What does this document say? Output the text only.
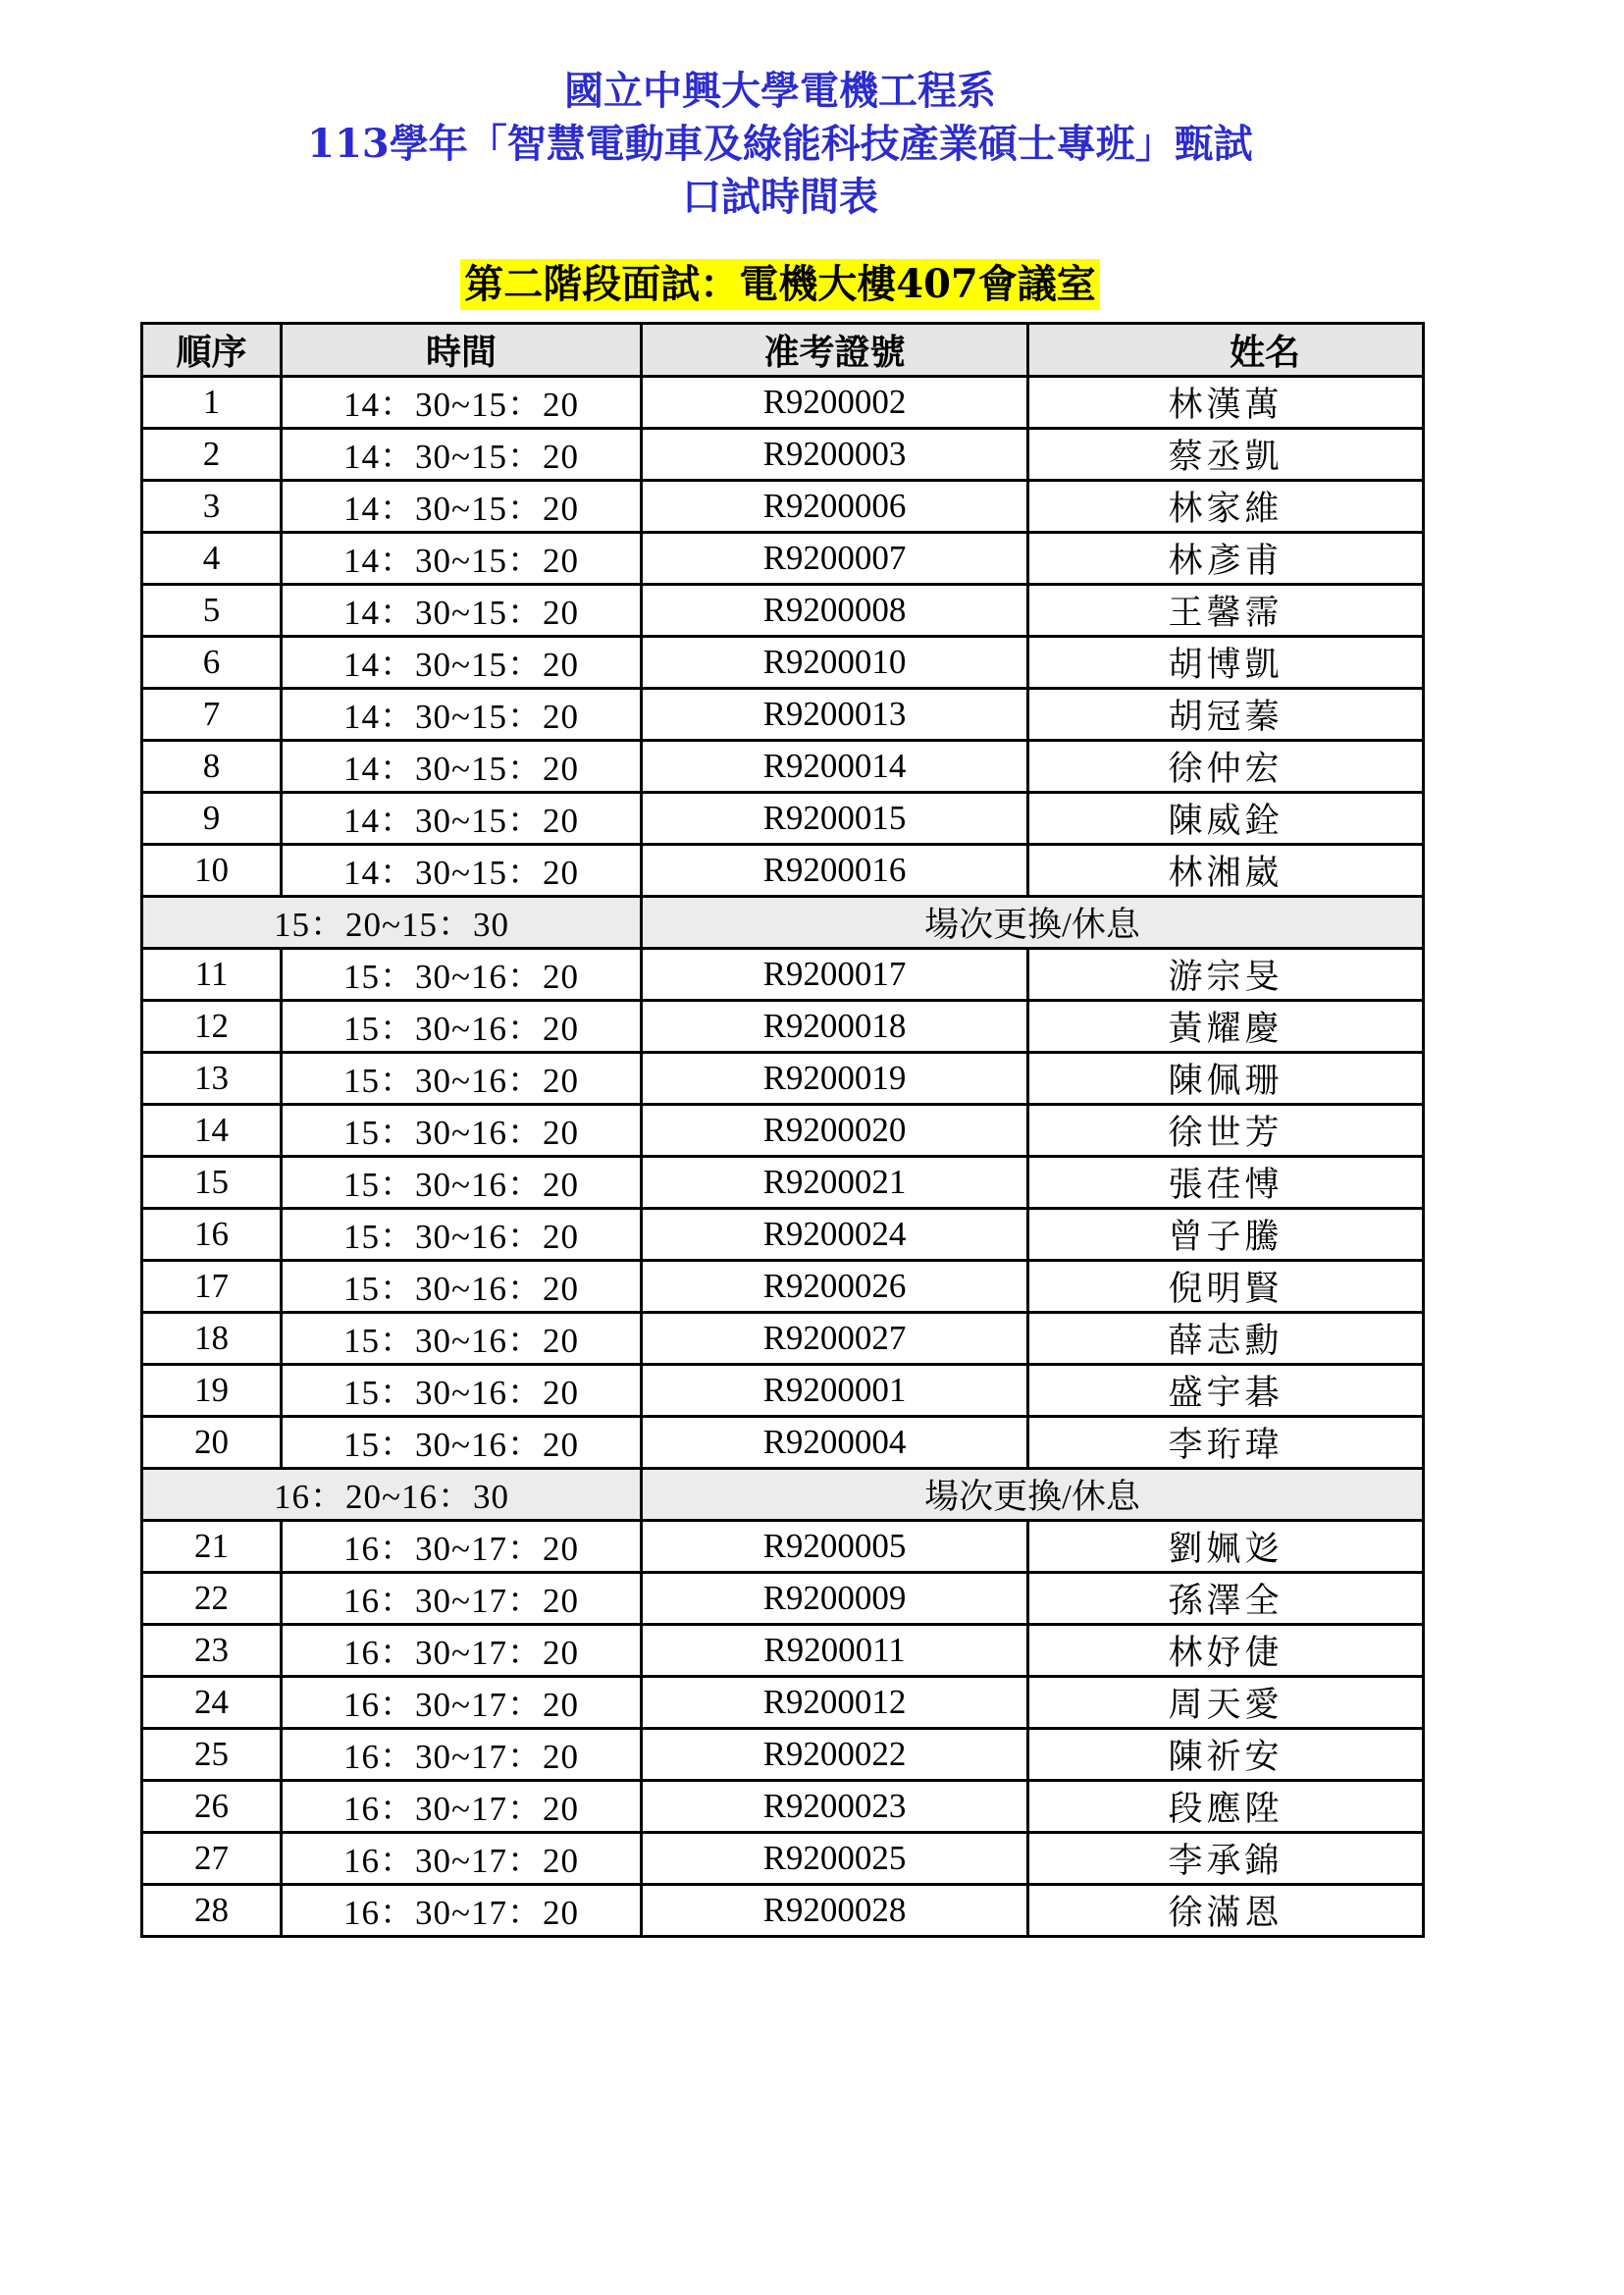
國立中興大學電機工程系
113學年「智慧電動車及綠能科技產業碩士專班」甄試
口試時間表
第二階段面試：電機大樓407會議室
順序	時間	准考證號	姓名
1	14：30~15：20	R9200002	林漢萬
2	14：30~15：20	R9200003	蔡丞凱
3	14：30~15：20	R9200006	林家維
4	14：30~15：20	R9200007	林彥甫
5	14：30~15：20	R9200008	王馨霈
6	14：30~15：20	R9200010	胡博凱
7	14：30~15：20	R9200013	胡冠蓁
8	14：30~15：20	R9200014	徐仲宏
9	14：30~15：20	R9200015	陳威銓
10	14：30~15：20	R9200016	林湘崴
15：20~15：30		場次更換/休息	
11	15：30~16：20	R9200017	游宗旻
12	15：30~16：20	R9200018	黃耀慶
13	15：30~16：20	R9200019	陳佩珊
14	15：30~16：20	R9200020	徐世芳
15	15：30~16：20	R9200021	張荏愽
16	15：30~16：20	R9200024	曾子騰
17	15：30~16：20	R9200026	倪明賢
18	15：30~16：20	R9200027	薛志勳
19	15：30~16：20	R9200001	盛宇碁
20	15：30~16：20	R9200004	李珩瑋
16：20~16：30		場次更換/休息	
21	16：30~17：20	R9200005	劉姵彣
22	16：30~17：20	R9200009	孫澤全
23	16：30~17：20	R9200011	林妤倢
24	16：30~17：20	R9200012	周天愛
25	16：30~17：20	R9200022	陳祈安
26	16：30~17：20	R9200023	段應陞
27	16：30~17：20	R9200025	李承錦
28	16：30~17：20	R9200028	徐滿恩
